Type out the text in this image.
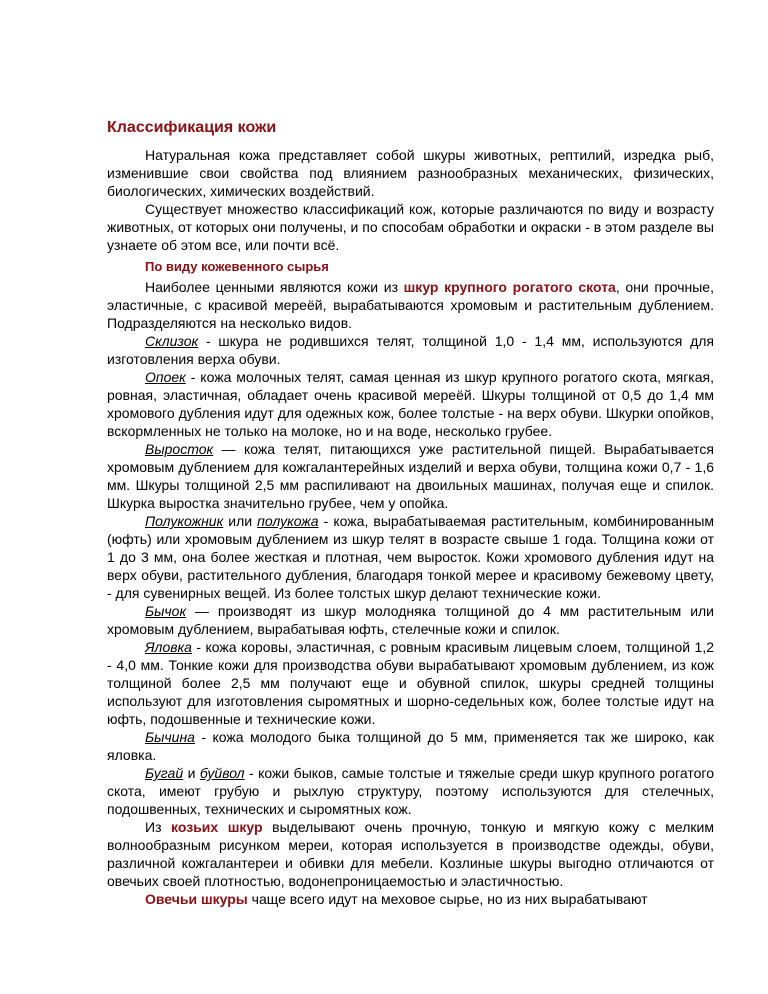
Классификация кожи

Натуральная кожа представляет собой шкуры животных, рептилий, изредка рыб, изменившие свои свойства под влиянием разнообразных механических, физических, биологических, химических воздействий.

Существует множество классификаций кож, которые различаются по виду и возрасту животных, от которых они получены, и по способам обработки и окраски - в этом разделе вы узнаете об этом все, или почти всё.

По виду кожевенного сырья

Наиболее ценными являются кожи из шкур крупного рогатого скота, они прочные, эластичные, с красивой мереёй, вырабатываются хромовым и растительным дублением. Подразделяются на несколько видов.

Склизок - шкура не родившихся телят, толщиной 1,0 - 1,4 мм, используются для изготовления верха обуви.

Опоек - кожа молочных телят, самая ценная из шкур крупного рогатого скота, мягкая, ровная, эластичная, обладает очень красивой мереёй. Шкуры толщиной от 0,5 до 1,4 мм хромового дубления идут для одежных кож, более толстые - на верх обуви. Шкурки опойков, вскормленных не только на молоке, но и на воде, несколько грубее.

Выросток — кожа телят, питающихся уже растительной пищей. Вырабатывается хромовым дублением для кожгалантерейных изделий и верха обуви, толщина кожи 0,7 - 1,6 мм. Шкуры толщиной 2,5 мм распиливают на двоильных машинах, получая еще и спилок. Шкурка выростка значительно грубее, чем у опойка.

Полукожник или полукожа - кожа, вырабатываемая растительным, комбинированным (юфть) или хромовым дублением из шкур телят в возрасте свыше 1 года. Толщина кожи от 1 до 3 мм, она более жесткая и плотная, чем выросток. Кожи хромового дубления идут на верх обуви, растительного дубления, благодаря тонкой мерее и красивому бежевому цвету, - для сувенирных вещей. Из более толстых шкур делают технические кожи.

Бычок — производят из шкур молодняка толщиной до 4 мм растительным или хромовым дублением, вырабатывая юфть, стелечные кожи и спилок.

Яловка - кожа коровы, эластичная, с ровным красивым лицевым слоем, толщиной 1,2 - 4,0 мм. Тонкие кожи для производства обуви вырабатывают хромовым дублением, из кож толщиной более 2,5 мм получают еще и обувной спилок, шкуры средней толщины используют для изготовления сыромятных и шорно-седельных кож, более толстые идут на юфть, подошвенные и технические кожи.

Бычина - кожа молодого быка толщиной до 5 мм, применяется так же широко, как яловка.

Бугай и буйвол - кожи быков, самые толстые и тяжелые среди шкур крупного рогатого скота, имеют грубую и рыхлую структуру, поэтому используются для стелечных, подошвенных, технических и сыромятных кож.

Из козьих шкур выделывают очень прочную, тонкую и мягкую кожу с мелким волнообразным рисунком мереи, которая используется в производстве одежды, обуви, различной кожгалантереи и обивки для мебели. Козлиные шкуры выгодно отличаются от овечьих своей плотностью, водонепроницаемостью и эластичностью.

Овечьи шкуры чаще всего идут на меховое сырье, но из них вырабатывают
